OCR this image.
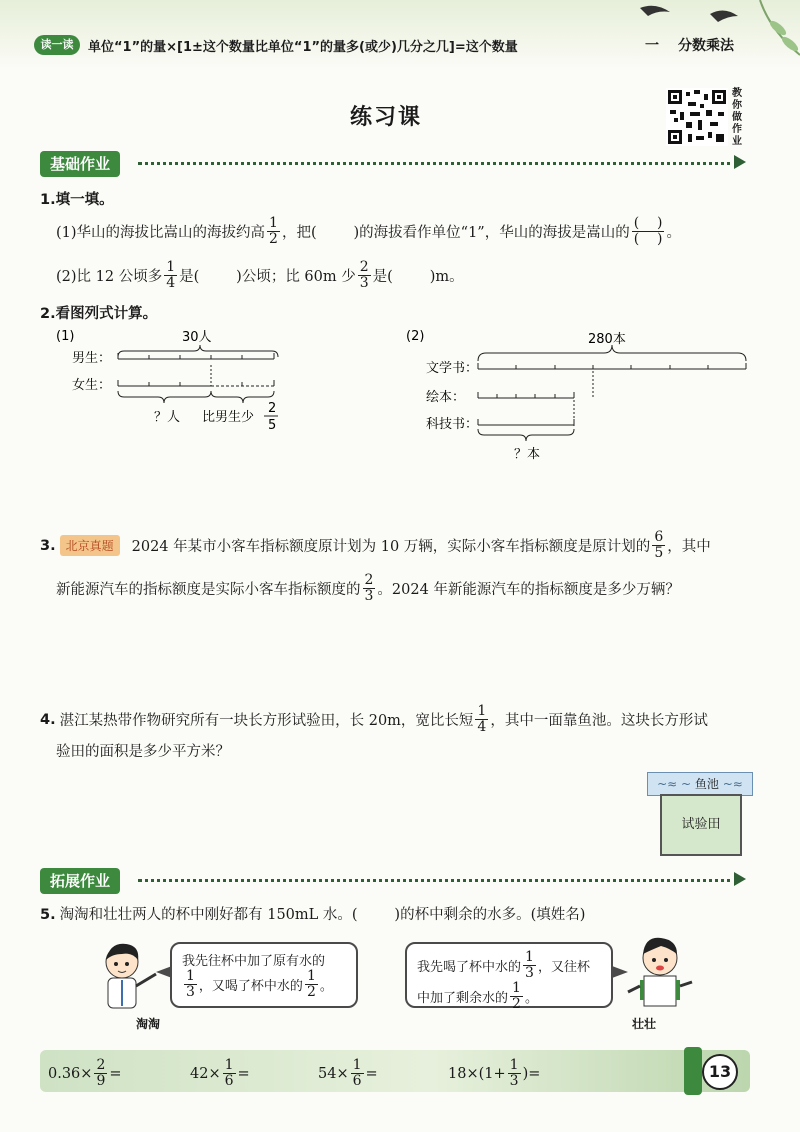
读一读	单位“1”的量×[1±这个数量比单位“1”的量多(或少)几分之几]=这个数量	一 分数乘法
练习课
教
你
做
作
业
基础作业
1.填一填。
(1)华山的海拔比嵩山的海拔约高 $\frac{1}{2}$ ，把(        )的海拔看作单位“1”，华山的海拔是嵩山的 $\frac{( )}{( )}$ 。
(2)比 12 公顷多 $\frac{1}{4}$ 是(        )公顷；比 60m 少 $\frac{2}{3}$ 是(        )m。
2.看图列式计算。
(1)	30人
男生：
女生：
？人 比男生少
2
5
(2)	280本
文学书：
绘本：
科技书：
？本
3. 北京真题	2024 年某市小客车指标额度原计划为 10 万辆，实际小客车指标额度是原计划的 $\frac{6}{5}$ ，其中
新能源汽车的指标额度是实际小客车指标额度的 $\frac{2}{3}$ 。2024 年新能源汽车的指标额度是多少万辆？
4. 湛江某热带作物研究所有一块长方形试验田，长 20m，宽比长短 $\frac{1}{4}$ ，其中一面靠鱼池。这块长方形试
验田的面积是多少平方米？
~≈ ~ 鱼池 ~≈
试验田
拓展作业
5. 淘淘和壮壮两人的杯中刚好都有 150mL 水。(        )的杯中剩余的水多。(填姓名)
淘淘
我先往杯中加了原有水的
$\frac{1}{3}$ ，又喝了杯中水的 $\frac{1}{2}$ 。
我先喝了杯中水的 $\frac{1}{3}$ ，又往杯
中加了剩余水的 $\frac{1}{2}$ 。
壮壮
$0.36\times \frac{2}{9}$ =	$42\times \frac{1}{6}$ =	$54\times \frac{1}{6}$ =	$18\times(1+ \frac{1}{3}$ )=	13
